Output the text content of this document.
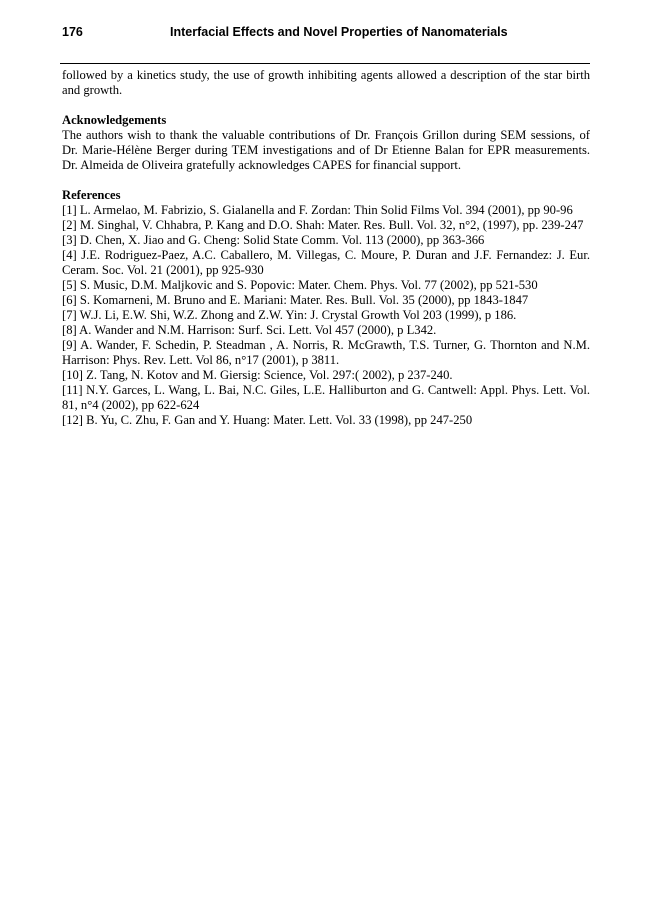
176	Interfacial Effects and Novel Properties of Nanomaterials

followed by a kinetics study, the use of growth inhibiting agents allowed a description of the star birth and growth.

Acknowledgements

The authors wish to thank the valuable contributions of Dr. François Grillon during SEM sessions, of Dr. Marie-Hélène Berger during TEM investigations and of Dr Etienne Balan for EPR measurements. Dr. Almeida de Oliveira gratefully acknowledges CAPES for financial support.

References

[1] L. Armelao, M. Fabrizio, S. Gialanella and F. Zordan: Thin Solid Films Vol. 394 (2001), pp 90-96

[2] M. Singhal, V. Chhabra, P. Kang and D.O. Shah: Mater. Res. Bull. Vol. 32, n°2, (1997), pp. 239-247

[3] D. Chen, X. Jiao and G. Cheng: Solid State Comm. Vol. 113 (2000), pp 363-366

[4] J.E. Rodriguez-Paez, A.C. Caballero, M. Villegas, C. Moure, P. Duran and J.F. Fernandez: J. Eur. Ceram. Soc. Vol. 21 (2001), pp 925-930

[5] S. Music, D.M. Maljkovic and S. Popovic: Mater. Chem. Phys. Vol. 77 (2002), pp 521-530

[6] S. Komarneni, M. Bruno and E. Mariani: Mater. Res. Bull. Vol. 35 (2000), pp 1843-1847

[7] W.J. Li, E.W. Shi, W.Z. Zhong and Z.W. Yin: J. Crystal Growth Vol 203 (1999), p 186.

[8] A. Wander and N.M. Harrison: Surf. Sci. Lett. Vol 457 (2000), p L342.

[9] A. Wander, F. Schedin, P. Steadman , A. Norris, R. McGrawth, T.S. Turner, G. Thornton and N.M. Harrison: Phys. Rev. Lett. Vol 86, n°17 (2001), p 3811.

[10] Z. Tang, N. Kotov and M. Giersig: Science, Vol. 297:( 2002), p 237-240.

[11] N.Y. Garces, L. Wang, L. Bai, N.C. Giles, L.E. Halliburton and G. Cantwell: Appl. Phys. Lett. Vol. 81, n°4 (2002), pp 622-624

[12] B. Yu, C. Zhu, F. Gan and Y. Huang: Mater. Lett. Vol. 33 (1998), pp 247-250
